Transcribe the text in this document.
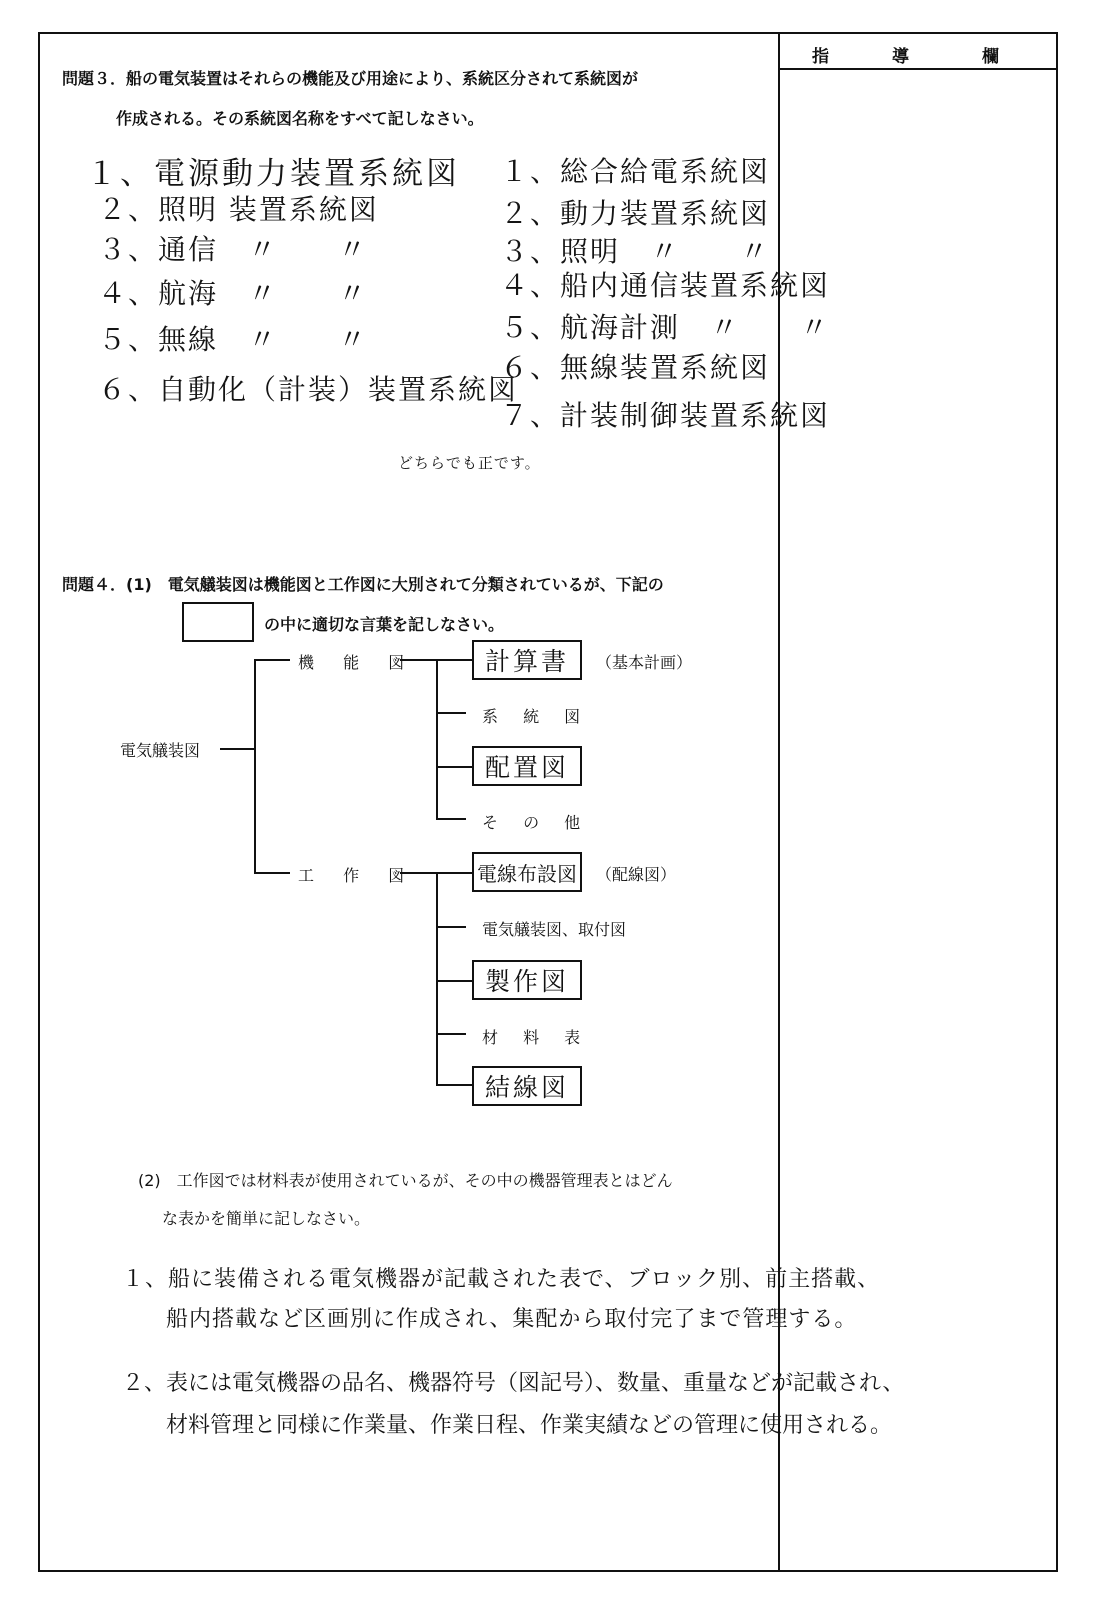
指	導	欄
問題３．船の電気装置はそれらの機能及び用途により、系統区分されて系統図が
作成される。その系統図名称をすべて記しなさい。
１、電源動力装置系統図
２、照明 装置系統図
３、通信　〃　　〃
４、航海　〃　　〃
５、無線　〃　　〃
６、自動化（計装）装置系統図
１、総合給電系統図
２、動力装置系統図
３、照明　〃　　〃
４、船内通信装置系統図
５、航海計測　〃　　〃
６、無線装置系統図
７、計装制御装置系統図
どちらでも正です。
問題４．(1)　電気艤装図は機能図と工作図に大別されて分類されているが、下記の
の中に適切な言葉を記しなさい。
電気艤装図
機 能 図
工 作 図
計算書 （基本計画）
系 統 図
配置図
そ の 他
電線布設図 （配線図）
電気艤装図、取付図
製作図
材 料 表
結線図
(2)　工作図では材料表が使用されているが、その中の機器管理表とはどん
な表かを簡単に記しなさい。
１、船に装備される電気機器が記載された表で、ブロック別、前主搭載、
船内搭載など区画別に作成され、集配から取付完了まで管理する。
２、表には電気機器の品名、機器符号（図記号）、数量、重量などが記載され、
材料管理と同様に作業量、作業日程、作業実績などの管理に使用される。
